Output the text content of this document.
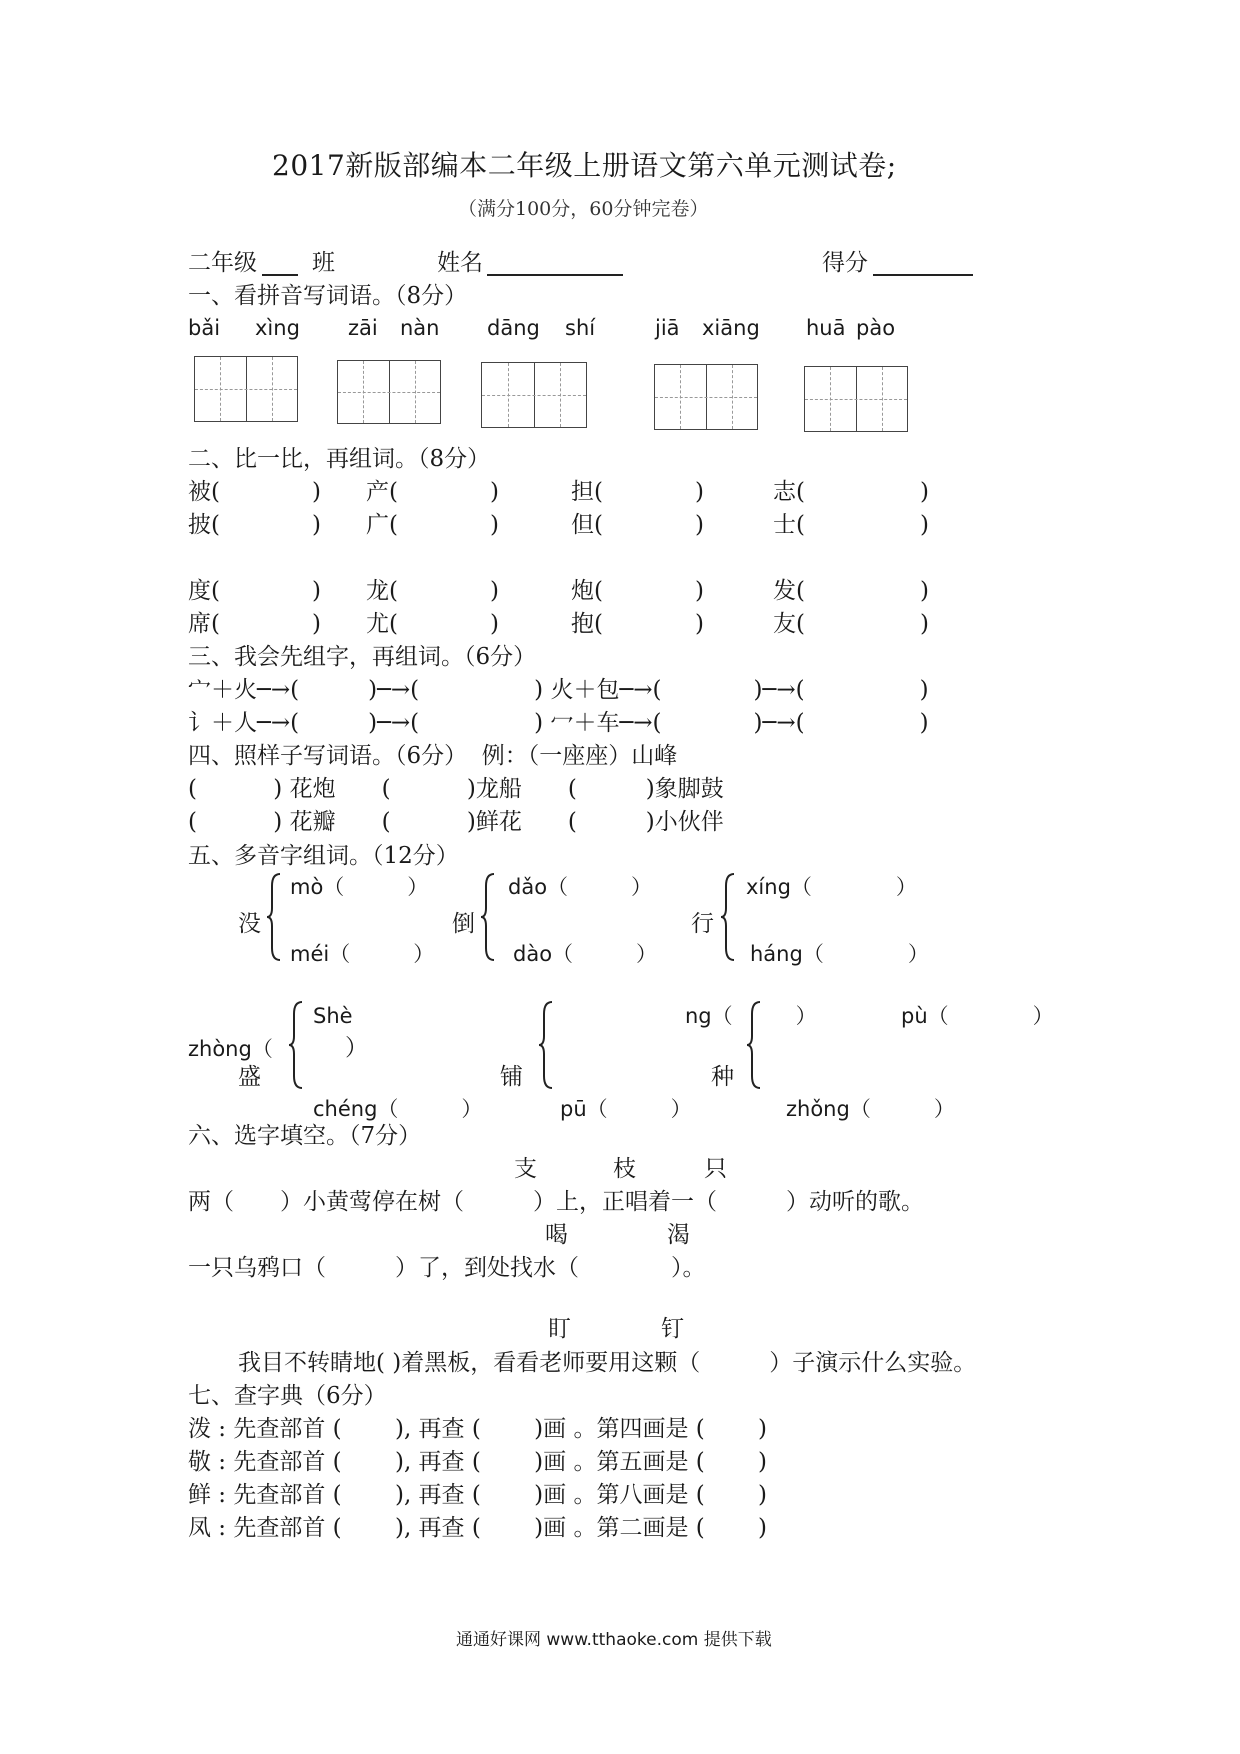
2017新版部编本二年级上册语文第六单元测试卷;
（满分100分，60分钟完卷）
二年级 班	姓名	得分
一、看拼音写词语。（8分）
bǎi xìng zāi nàn dāng shí	jiā xiāng huā pào
二、比一比，再组词。（8分）
被(　　　　) 产(　　　　)	担(　　　　)	志(　　　　　)
披(　　　　) 广(　　　　)	但(　　　　)	士(　　　　　)
度(　　　　) 龙(　　　　)	炮(　　　　)	发(　　　　　)
席(　　　　) 尤(　　　　)	抱(　　　　)	友(　　　　　)
三、我会先组字，再组词。（6分）
宀＋火─→(　　　)─→(　　　　　) 火＋包─→(　　　　)─→(　　　　　)
讠＋人─→(　　　)─→(　　　　　) 冖＋车─→(　　　　)─→(　　　　　)
四、照样子写词语。（6分）  例：（一座座）山峰
(　　　 ) 花炮　　(　　　 )龙船　　(　　　)象脚鼓
(　　　 ) 花瓣　　(　　　 )鲜花　　(　　　)小伙伴
五、多音字组词。（12分）
没
mò（　　　）
méi（　　　）
倒
dǎo（　　　）
dào（　　　）
行
xíng（　　　　）
háng（　　　　）
Shè
zhòng（	）
ng（　　　）	pù（　　　　）
盛	铺	种
chéng（　　　）	pū（　　　）	zhǒng（　　　）
六、选字填空。（7分）
支	枝	只
两（　　）小黄莺停在树（　　　）上，正唱着一（　　　）动听的歌。
喝	渴
一只乌鸦口（　　　）了，到处找水（　　　　）。
盯	钉
我目不转睛地( )着黑板，看看老师要用这颗（　　　）子演示什么实验。
七、查字典（6分）
泼 : 先查部首 (　　 ), 再查 (　　 )画 。第四画是 (　　 )
敬 : 先查部首 (　　 ), 再查 (　　 )画 。第五画是 (　　 )
鲜 : 先查部首 (　　 ), 再查 (　　 )画 。第八画是 (　　 )
凤 : 先查部首 (　　 ), 再查 (　　 )画 。第二画是 (　　 )
通通好课网 www.tthaoke.com 提供下载
